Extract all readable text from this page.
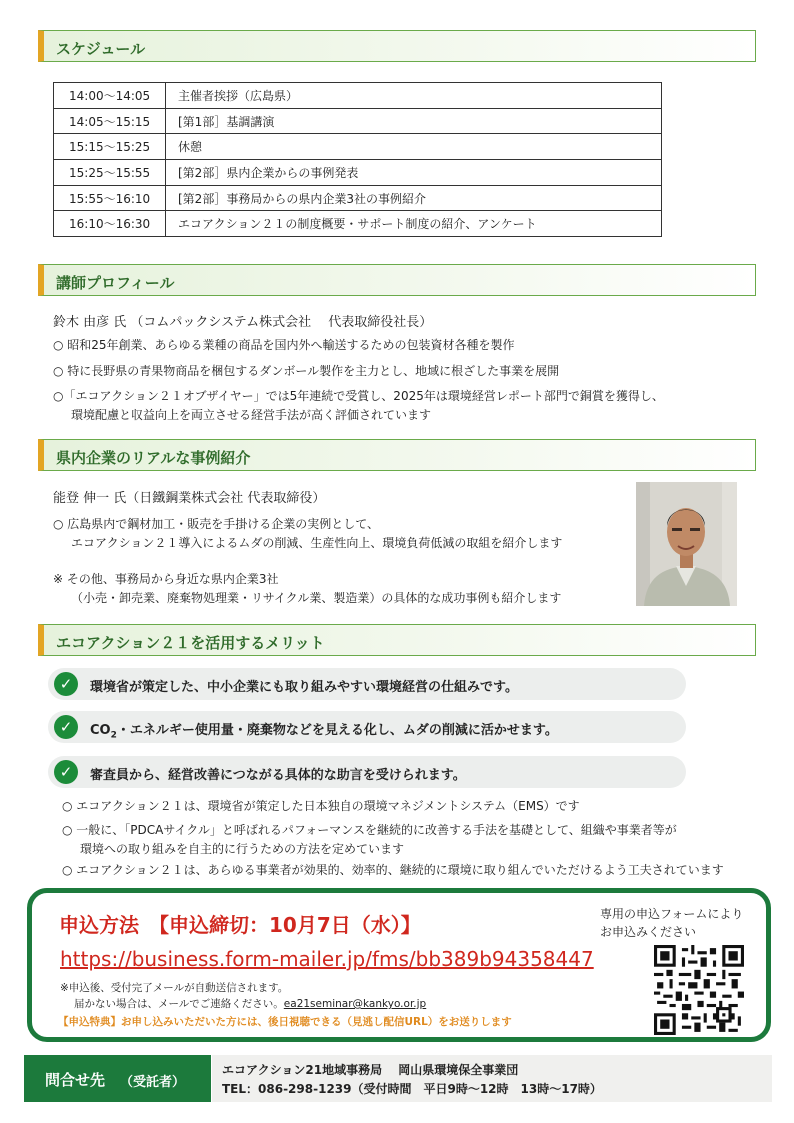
スケジュール
14:00～14:05	主催者挨拶（広島県）
14:05～15:15	[第1部］基調講演
15:15～15:25	休憩
15:25～15:55	[第2部］県内企業からの事例発表
15:55～16:10	[第2部］事務局からの県内企業3社の事例紹介
16:10～16:30	エコアクション２１の制度概要・サポート制度の紹介、アンケート
講師プロフィール
鈴木 由彦 氏 （コムパックシステム株式会社　 代表取締役社長）
○ 昭和25年創業、あらゆる業種の商品を国内外へ輸送するための包装資材各種を製作
○ 特に長野県の青果物商品を梱包するダンボール製作を主力とし、地域に根ざした事業を展開
○「エコアクション２１オブザイヤー」では5年連続で受賞し、2025年は環境経営レポート部門で銅賞を獲得し、
環境配慮と収益向上を両立させる経営手法が高く評価されています
県内企業のリアルな事例紹介
能登 伸一 氏（日鐵鋼業株式会社 代表取締役）
○ 広島県内で鋼材加工・販売を手掛ける企業の実例として、
エコアクション２１導入によるムダの削減、生産性向上、環境負荷低減の取組を紹介します
※ その他、事務局から身近な県内企業3社
（小売・卸売業、廃棄物処理業・リサイクル業、製造業）の具体的な成功事例も紹介します
エコアクション２１を活用するメリット
✓	環境省が策定した、中小企業にも取り組みやすい環境経営の仕組みです。
✓	$CO_2$・エネルギー使用量・廃棄物などを見える化し、ムダの削減に活かせます。
✓	審査員から、経営改善につながる具体的な助言を受けられます。
○ エコアクション２１は、環境省が策定した日本独自の環境マネジメントシステム（EMS）です
○ 一般に、「PDCAサイクル」と呼ばれるパフォーマンスを継続的に改善する手法を基礎として、組織や事業者等が
環境への取り組みを自主的に行うための方法を定めています
○ エコアクション２１は、あらゆる事業者が効果的、効率的、継続的に環境に取り組んでいただけるよう工夫されています
申込方法　【申込締切：10月7日（水）】
https://business.form-mailer.jp/fms/bb389b94358447
※申込後、受付完了メールが自動送信されます。
届かない場合は、メールでご連絡ください。ea21seminar@kankyo.or.jp
【申込特典】お申し込みいただいた方には、後日視聴できる（見逃し配信URL）をお送りします
専用の申込フォームにより
お申込みください
問合せ先 （受託者）
エコアクション21地域事務局　 岡山県環境保全事業団
TEL：086-298-1239（受付時間　平日9時～12時　13時～17時）
